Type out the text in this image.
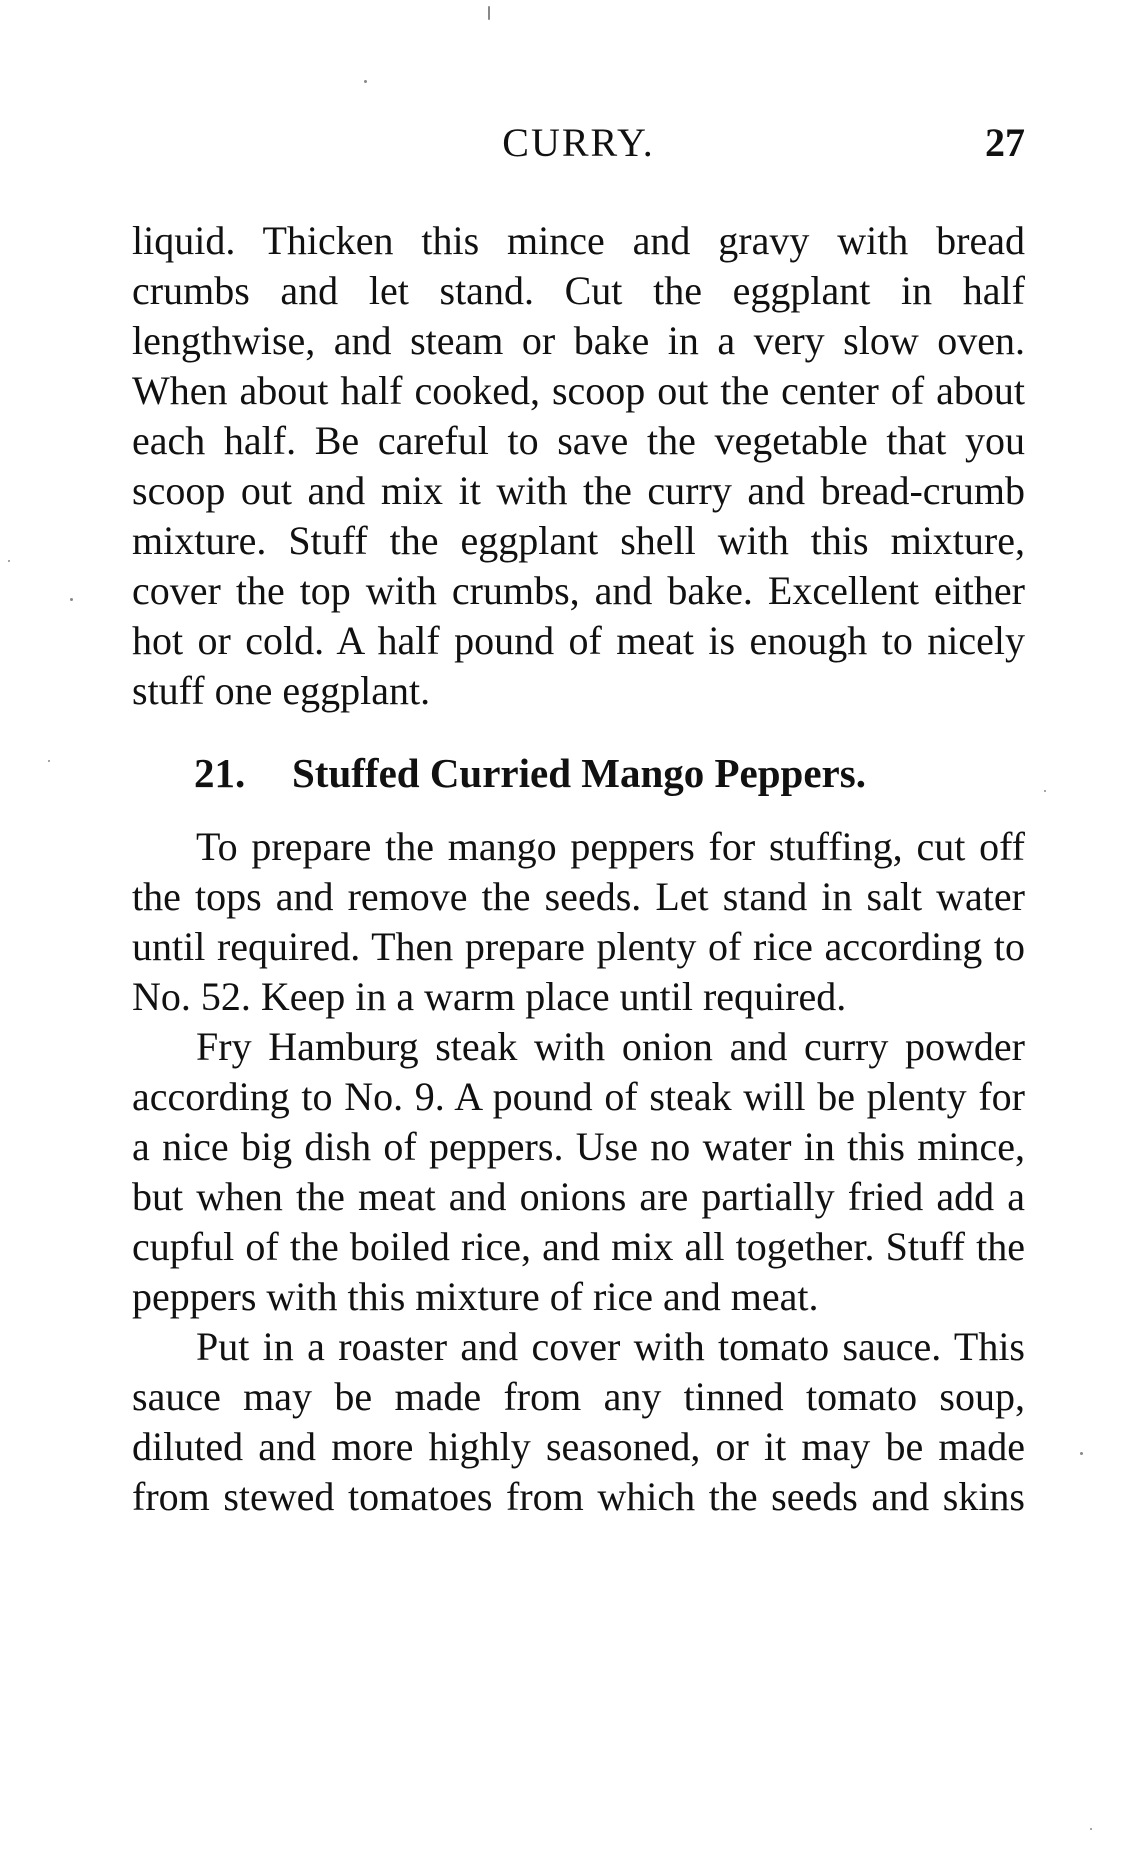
CURRY.	27

liquid. Thicken this mince and gravy with bread crumbs and let stand. Cut the eggplant in half lengthwise, and steam or bake in a very slow oven. When about half cooked, scoop out the center of about each half. Be careful to save the vegetable that you scoop out and mix it with the curry and bread-crumb mixture. Stuff the eggplant shell with this mixture, cover the top with crumbs, and bake. Excellent either hot or cold. A half pound of meat is enough to nicely stuff one eggplant.

21. Stuffed Curried Mango Peppers.

To prepare the mango peppers for stuffing, cut off the tops and remove the seeds. Let stand in salt water until required. Then prepare plenty of rice according to No. 52. Keep in a warm place until required.

Fry Hamburg steak with onion and curry powder according to No. 9. A pound of steak will be plenty for a nice big dish of peppers. Use no water in this mince, but when the meat and onions are partially fried add a cupful of the boiled rice, and mix all together. Stuff the peppers with this mixture of rice and meat.

Put in a roaster and cover with tomato sauce. This sauce may be made from any tinned tomato soup, diluted and more highly seasoned, or it may be made from stewed tomatoes from which the seeds and skins
